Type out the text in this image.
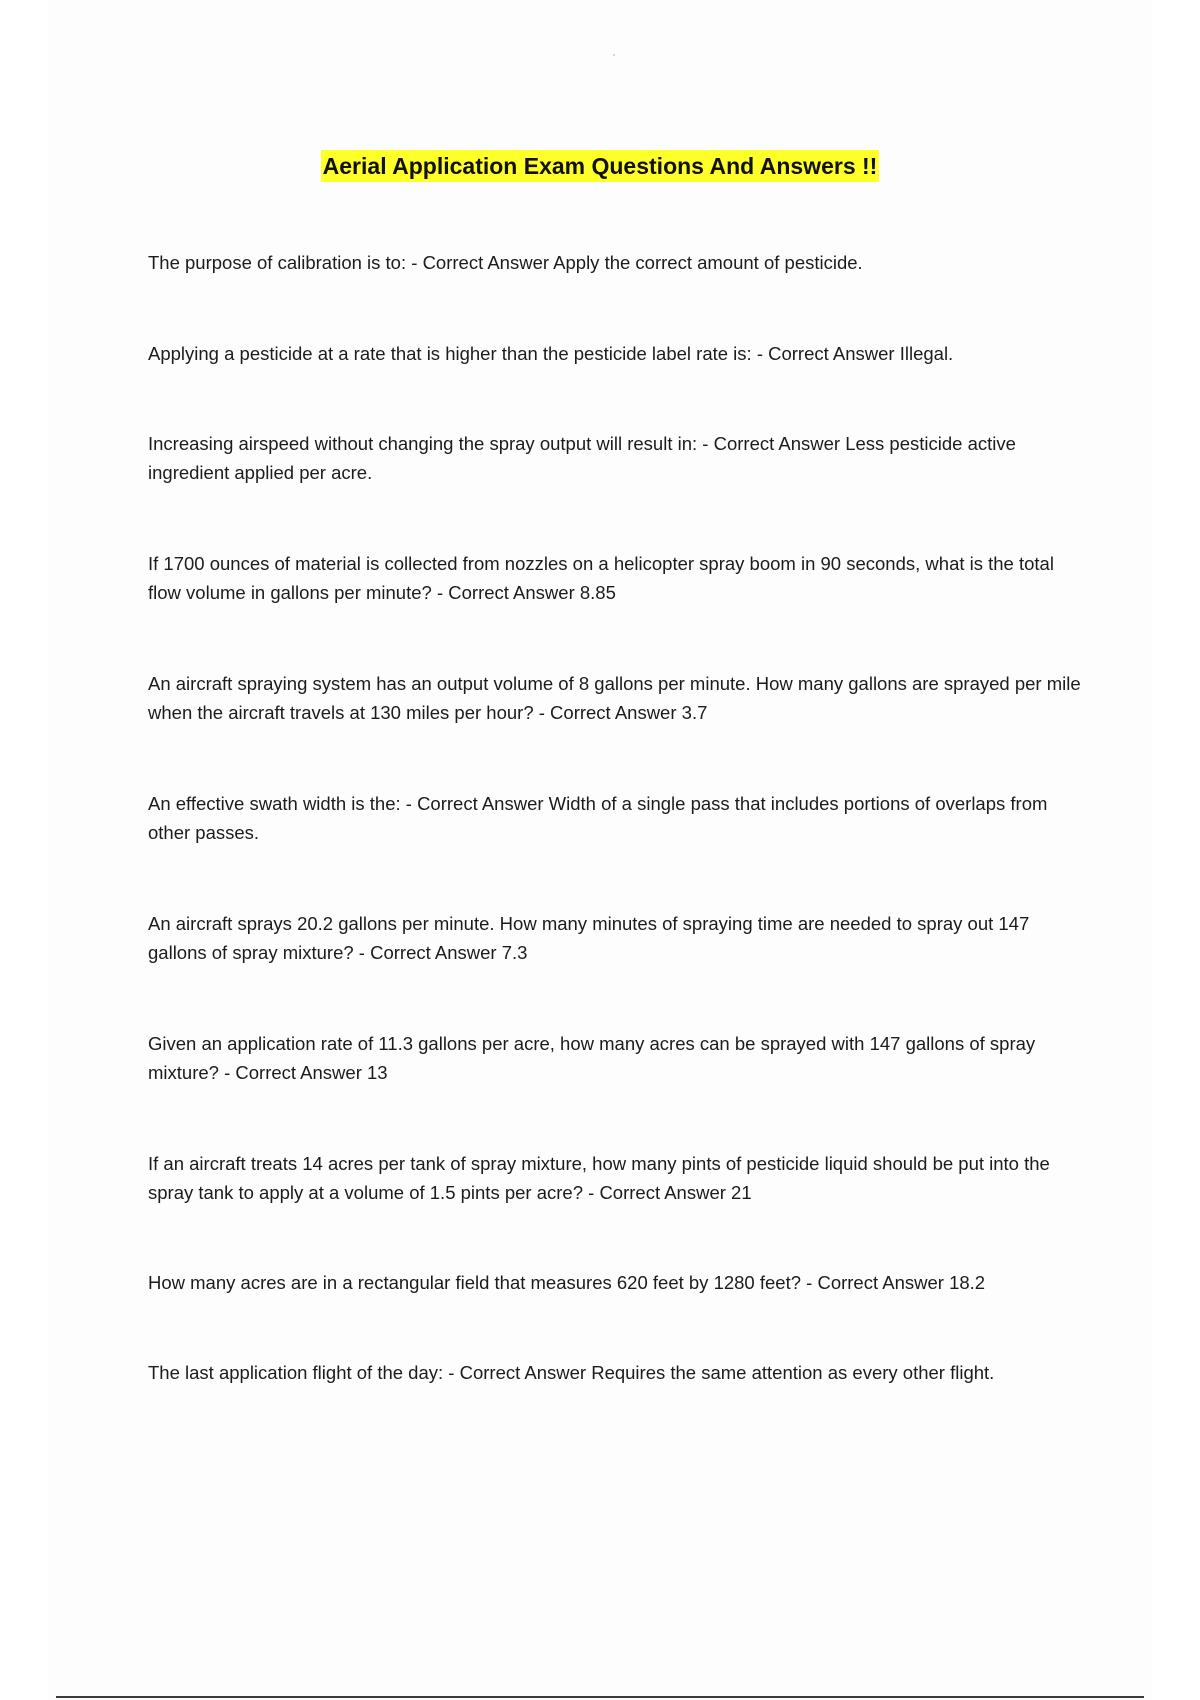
Aerial Application Exam Questions And Answers !!
The purpose of calibration is to: - Correct Answer Apply the correct amount of pesticide.
Applying a pesticide at a rate that is higher than the pesticide label rate is: - Correct Answer Illegal.
Increasing airspeed without changing the spray output will result in: - Correct Answer Less pesticide active ingredient applied per acre.
If 1700 ounces of material is collected from nozzles on a helicopter spray boom in 90 seconds, what is the total flow volume in gallons per minute? - Correct Answer 8.85
An aircraft spraying system has an output volume of 8 gallons per minute. How many gallons are sprayed per mile when the aircraft travels at 130 miles per hour? - Correct Answer 3.7
An effective swath width is the: - Correct Answer Width of a single pass that includes portions of overlaps from other passes.
An aircraft sprays 20.2 gallons per minute. How many minutes of spraying time are needed to spray out 147 gallons of spray mixture? - Correct Answer 7.3
Given an application rate of 11.3 gallons per acre, how many acres can be sprayed with 147 gallons of spray mixture? - Correct Answer 13
If an aircraft treats 14 acres per tank of spray mixture, how many pints of pesticide liquid should be put into the spray tank to apply at a volume of 1.5 pints per acre? - Correct Answer 21
How many acres are in a rectangular field that measures 620 feet by 1280 feet? - Correct Answer 18.2
The last application flight of the day: - Correct Answer Requires the same attention as every other flight.
